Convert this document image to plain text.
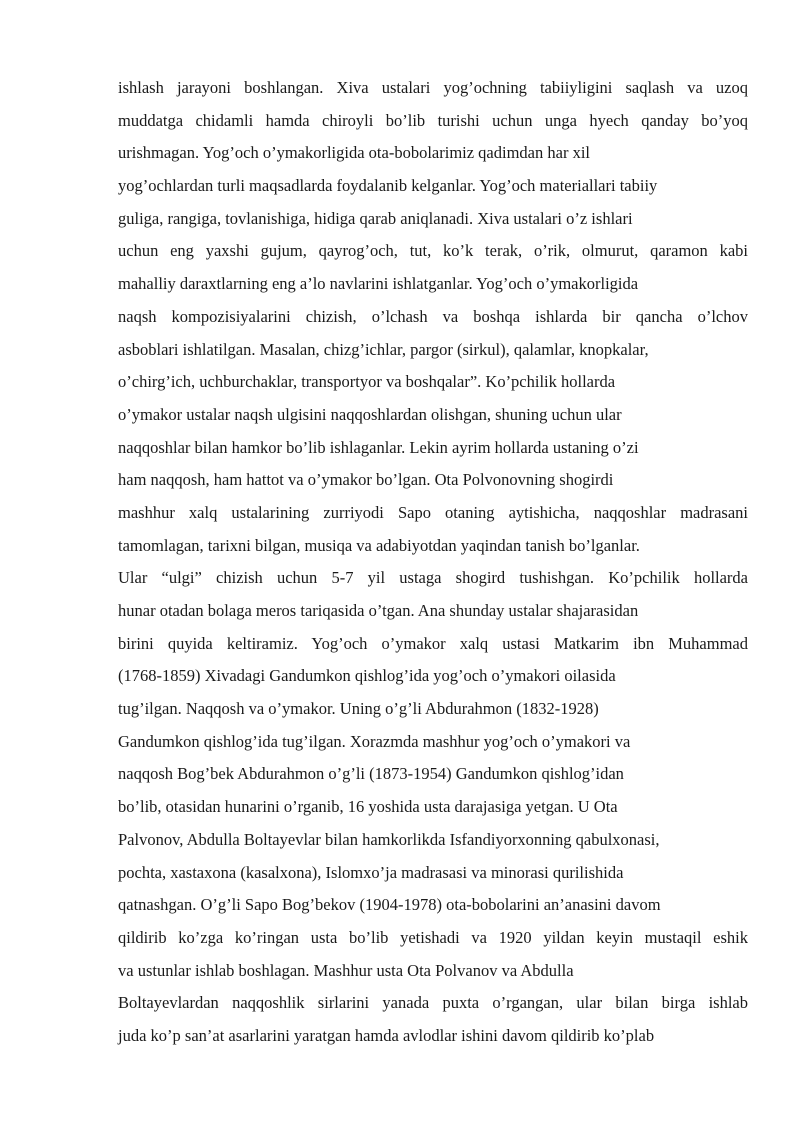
ishlash jarayoni boshlangan. Xiva ustalari yog’ochning tabiiyligini saqlash va uzoq
muddatga chidamli hamda chiroyli bo’lib turishi uchun unga hyech qanday bo’yoq
urishmagan. Yog’och o’ymakorligida ota-bobolarimiz qadimdan har xil
yog’ochlardan turli maqsadlarda foydalanib kelganlar. Yog’och materiallari tabiiy
guliga, rangiga, tovlanishiga, hidiga qarab aniqlanadi. Xiva ustalari o’z ishlari
uchun eng yaxshi gujum, qayrog’och, tut, ko’k terak, o’rik, olmurut, qaramon kabi
mahalliy daraxtlarning eng a’lo navlarini ishlatganlar. Yog’och o’ymakorligida
naqsh kompozisiyalarini chizish, o’lchash va boshqa ishlarda bir qancha o’lchov
asboblari ishlatilgan. Masalan, chizg’ichlar, pargor (sirkul), qalamlar, knopkalar,
o’chirg’ich, uchburchaklar, transportyor va boshqalar”. Ko’pchilik hollarda
o’ymakor ustalar naqsh ulgisini naqqoshlardan olishgan, shuning uchun ular
naqqoshlar bilan hamkor bo’lib ishlaganlar. Lekin ayrim hollarda ustaning o’zi
ham naqqosh, ham hattot va o’ymakor bo’lgan. Ota Polvonovning shogirdi
mashhur xalq ustalarining zurriyodi Sapo otaning aytishicha, naqqoshlar madrasani
tamomlagan, tarixni bilgan, musiqa va adabiyotdan yaqindan tanish bo’lganlar.
Ular “ulgi” chizish uchun 5-7 yil ustaga shogird tushishgan. Ko’pchilik hollarda
hunar otadan bolaga meros tariqasida o’tgan. Ana shunday ustalar shajarasidan
birini quyida keltiramiz. Yog’och o’ymakor xalq ustasi Matkarim ibn Muhammad
(1768-1859) Xivadagi Gandumkon qishlog’ida yog’och o’ymakori oilasida
tug’ilgan. Naqqosh va o’ymakor. Uning o’g’li Abdurahmon (1832-1928)
Gandumkon qishlog’ida tug’ilgan. Xorazmda mashhur yog’och o’ymakori va
naqqosh Bog’bek Abdurahmon o’g’li (1873-1954) Gandumkon qishlog’idan
bo’lib, otasidan hunarini o’rganib, 16 yoshida usta darajasiga yetgan. U Ota
Palvonov, Abdulla Boltayevlar bilan hamkorlikda Isfandiyorxonning qabulxonasi,
pochta, xastaxona (kasalxona), Islomxo’ja madrasasi va minorasi qurilishida
qatnashgan. O’g’li Sapo Bog’bekov (1904-1978) ota-bobolarini an’anasini davom
qildirib ko’zga ko’ringan usta bo’lib yetishadi va 1920 yildan keyin mustaqil eshik
va ustunlar ishlab boshlagan. Mashhur usta Ota Polvanov va Abdulla
Boltayevlardan naqqoshlik sirlarini yanada puxta o’rgangan, ular bilan birga ishlab
juda ko’p san’at asarlarini yaratgan hamda avlodlar ishini davom qildirib ko’plab
